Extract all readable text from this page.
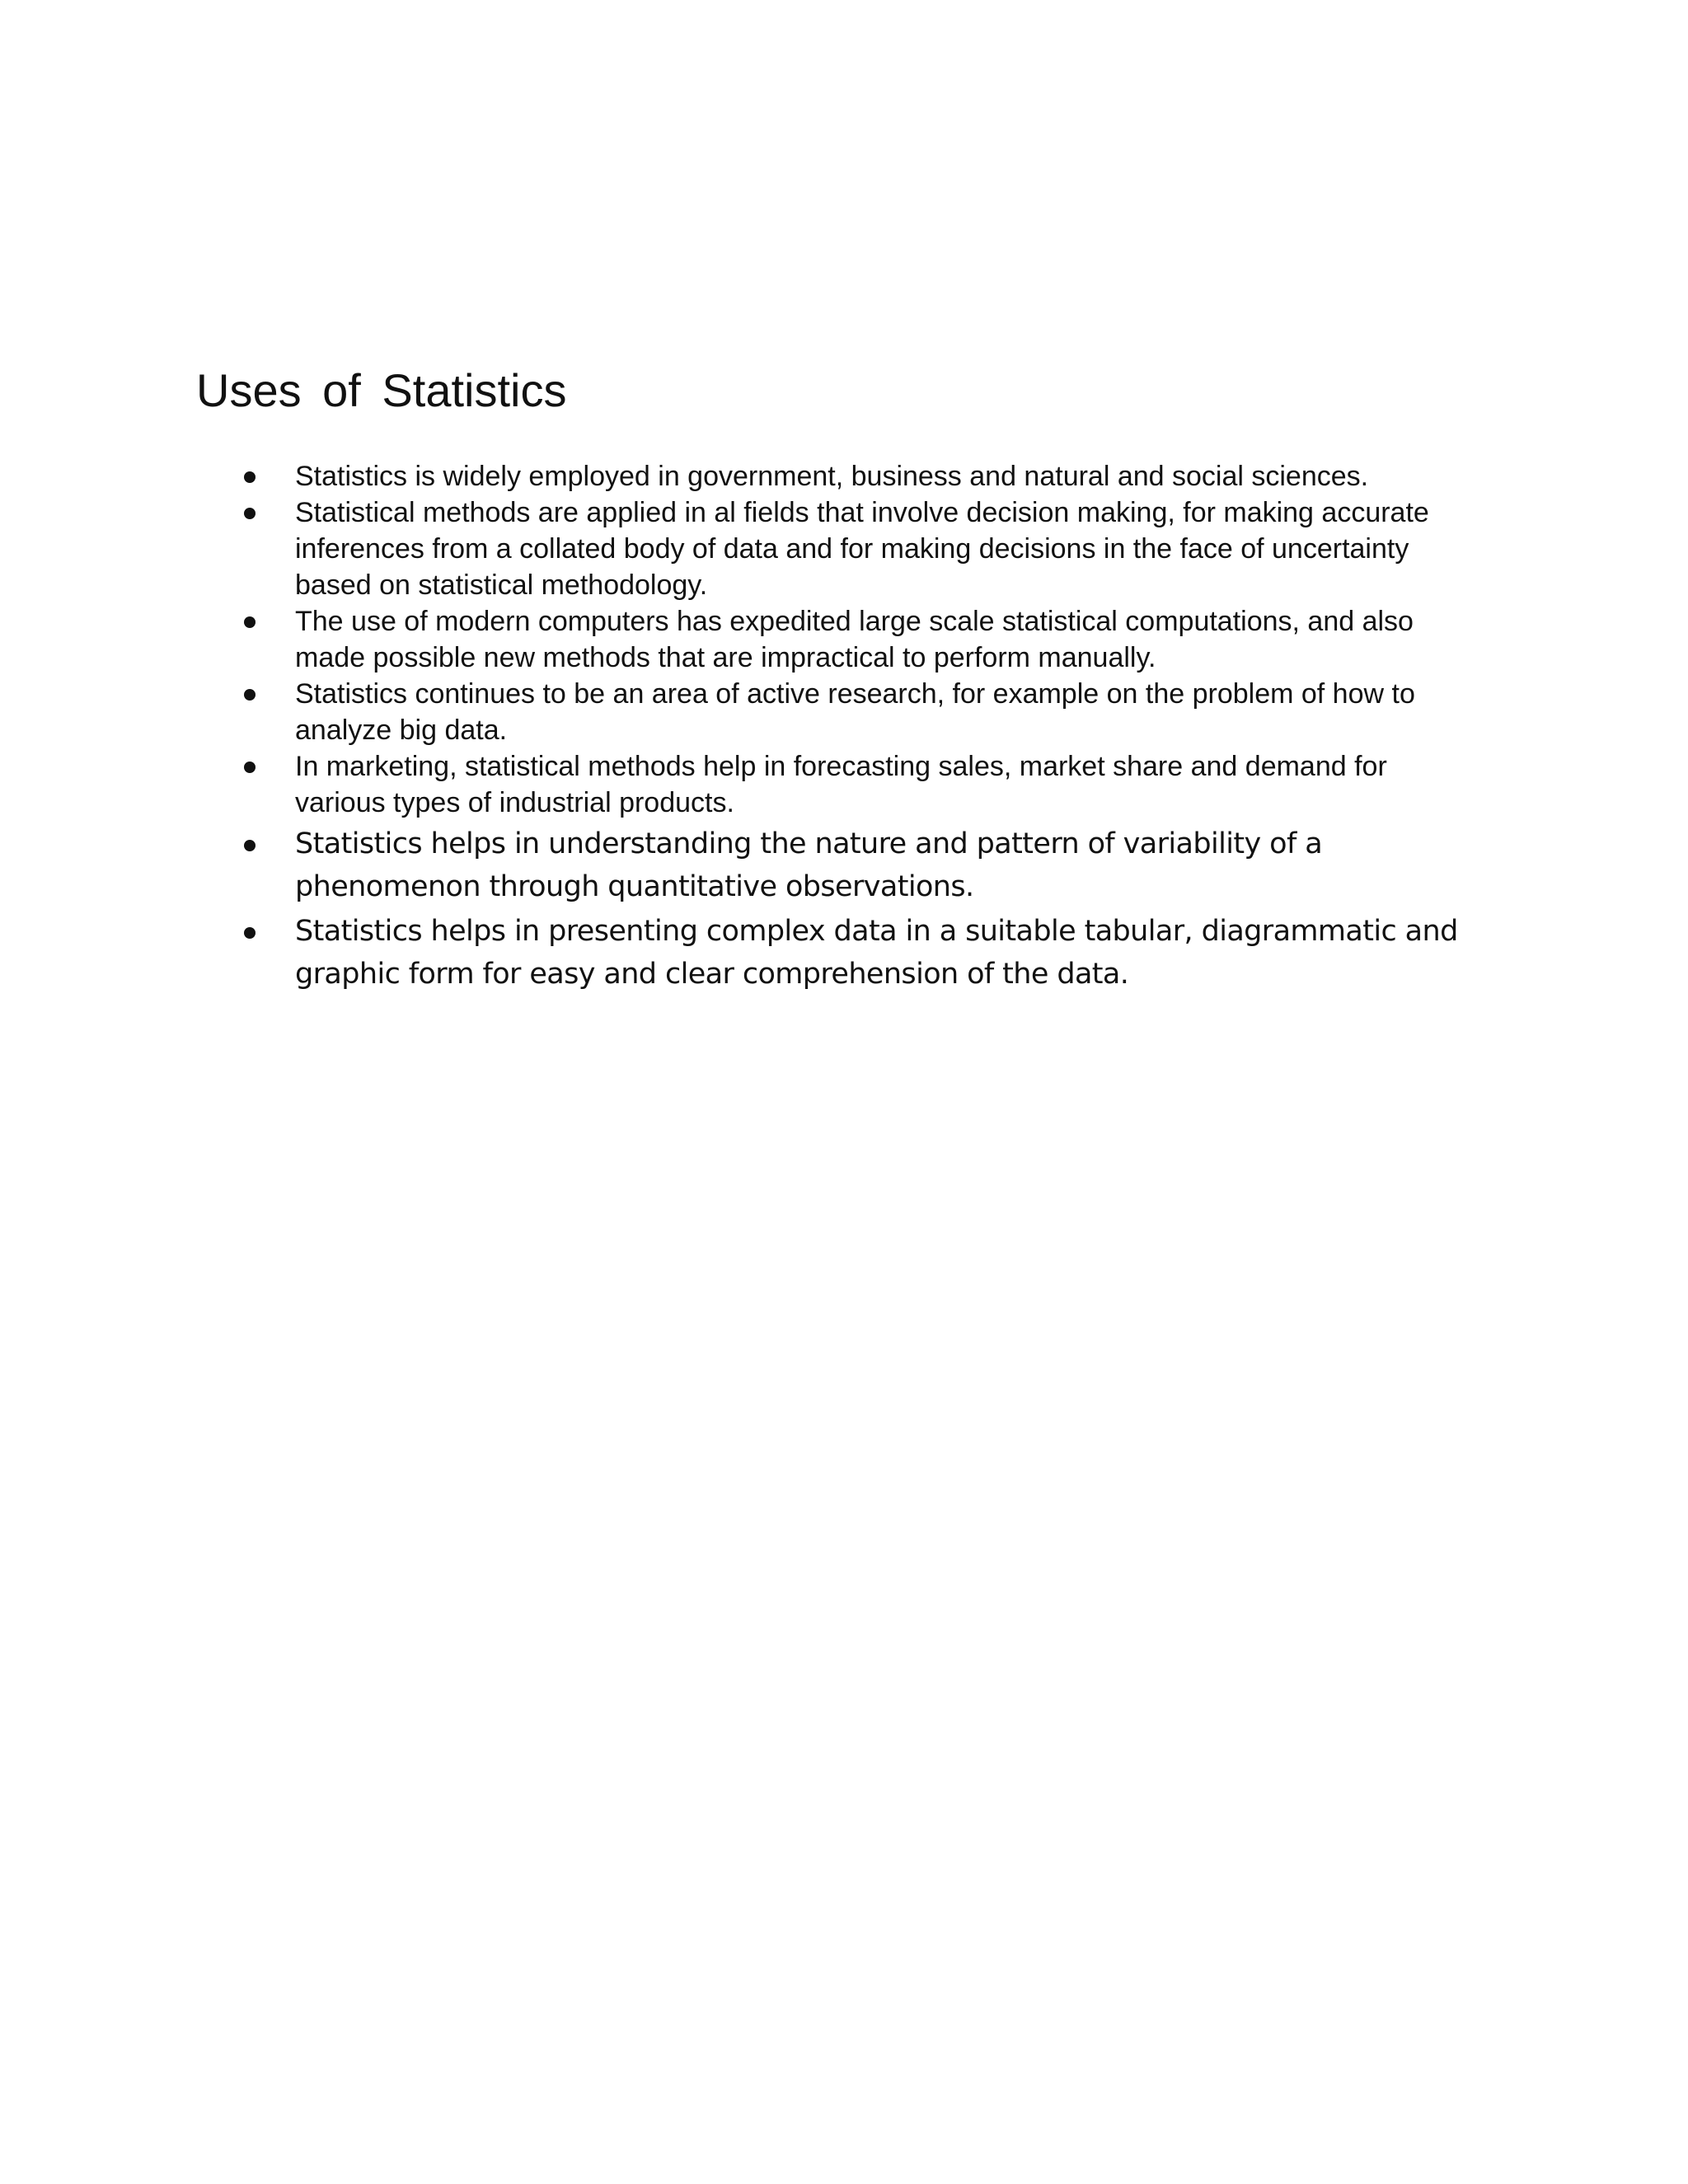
Uses of Statistics
Statistics is widely employed in government, business and natural and social sciences.
Statistical methods are applied in al fields that involve decision making, for making accurate inferences from a collated body of data and for making decisions in the face of uncertainty based on statistical methodology.
The use of modern computers has expedited large scale statistical computations, and also made possible new methods that are impractical to perform manually.
Statistics continues to be an area of active research, for example on the problem of how to analyze big data.
In marketing, statistical methods help in forecasting sales, market share and demand for various types of industrial products.
Statistics helps in understanding the nature and pattern of variability of a phenomenon through quantitative observations.
Statistics helps in presenting complex data in a suitable tabular, diagrammatic and graphic form for easy and clear comprehension of the data.
